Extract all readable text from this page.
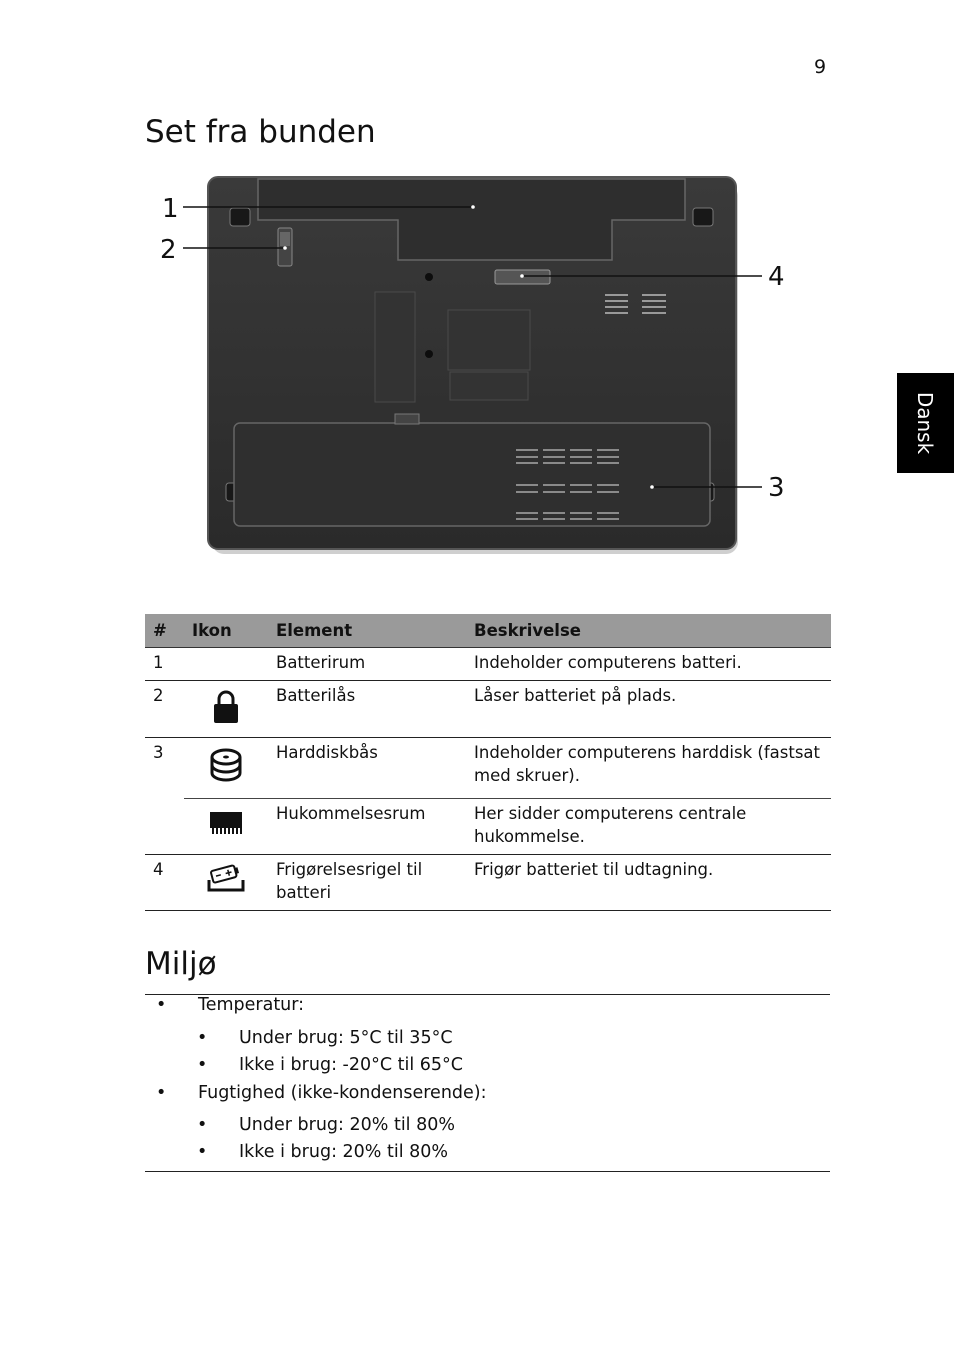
9
Dansk
Set fra bunden
1
2
3
4
#	Ikon	Element	Beskrivelse
1		Batterirum	Indeholder computerens batteri.
2		Batterilås	Låser batteriet på plads.
3		Harddiskbås	Indeholder computerens harddisk (fastsat med skruer).
		Hukommelsesrum	Her sidder computerens centrale hukommelse.
4		Frigørelsesrigel til batteri	Frigør batteriet til udtagning.
Miljø
• Temperatur:
• Under brug: 5°C til 35°C
• Ikke i brug: -20°C til 65°C
• Fugtighed (ikke-kondenserende):
• Under brug: 20% til 80%
• Ikke i brug: 20% til 80%
